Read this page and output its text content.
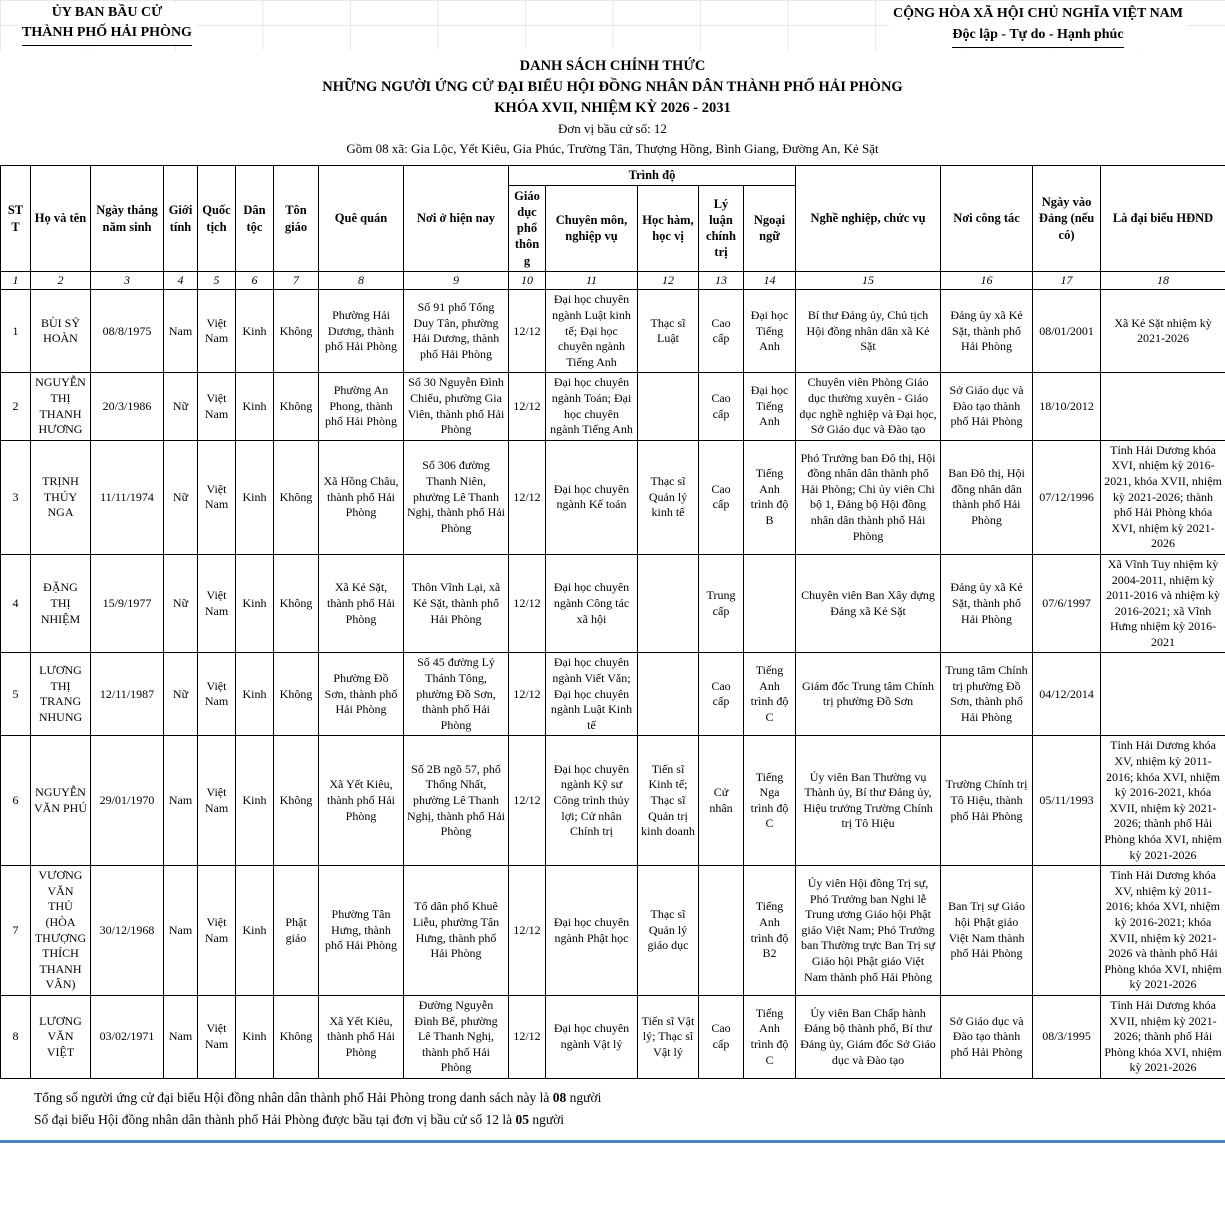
ỦY BAN BẦU CỬ
THÀNH PHỐ HẢI PHÒNG
CỘNG HÒA XÃ HỘI CHỦ NGHĨA VIỆT NAM
Độc lập - Tự do - Hạnh phúc
DANH SÁCH CHÍNH THỨC
NHỮNG NGƯỜI ỨNG CỬ ĐẠI BIỂU HỘI ĐỒNG NHÂN DÂN THÀNH PHỐ HẢI PHÒNG
KHÓA XVII, NHIỆM KỲ 2026 - 2031
Đơn vị bầu cử số: 12
Gồm 08 xã: Gia Lộc, Yết Kiêu, Gia Phúc, Trường Tân, Thượng Hồng, Bình Giang, Đường An, Kẻ Sặt
STT	Họ và tên	Ngày tháng năm sinh	Giới tính	Quốc tịch	Dân tộc	Tôn giáo	Quê quán	Nơi ở hiện nay	Trình độ					Nghề nghiệp, chức vụ	Nơi công tác	Ngày vào Đảng (nếu có)	Là đại biểu HĐND
									Giáo dục phổ thông	Chuyên môn, nghiệp vụ	Học hàm, học vị	Lý luận chính trị	Ngoại ngữ				
1	2	3	4	5	6	7	8	9	10	11	12	13	14	15	16	17	18
1	BÙI SỸ HOÀN	08/8/1975	Nam	Việt Nam	Kinh	Không	Phường Hải Dương, thành phố Hải Phòng	Số 91 phố Tống Duy Tân, phường Hải Dương, thành phố Hải Phòng	12/12	Đại học chuyên ngành Luật kinh tế; Đại học chuyên ngành Tiếng Anh	Thạc sĩ Luật	Cao cấp	Đại học Tiếng Anh	Bí thư Đảng ủy, Chủ tịch Hội đồng nhân dân xã Kẻ Sặt	Đảng ủy xã Kẻ Sặt, thành phố Hải Phòng	08/01/2001	Xã Kẻ Sặt nhiệm kỳ 2021-2026
2	NGUYỄN THỊ THANH HƯƠNG	20/3/1986	Nữ	Việt Nam	Kinh	Không	Phường An Phong, thành phố Hải Phòng	Số 30 Nguyễn Đình Chiểu, phường Gia Viên, thành phố Hải Phòng	12/12	Đại học chuyên ngành Toán; Đại học chuyên ngành Tiếng Anh		Cao cấp	Đại học Tiếng Anh	Chuyên viên Phòng Giáo dục thường xuyên - Giáo dục nghề nghiệp và Đại học, Sở Giáo dục và Đào tạo	Sở Giáo dục và Đào tạo thành phố Hải Phòng	18/10/2012	
3	TRỊNH THÚY NGA	11/11/1974	Nữ	Việt Nam	Kinh	Không	Xã Hồng Châu, thành phố Hải Phòng	Số 306 đường Thanh Niên, phường Lê Thanh Nghị, thành phố Hải Phòng	12/12	Đại học chuyên ngành Kế toán	Thạc sĩ Quản lý kinh tế	Cao cấp	Tiếng Anh trình độ B	Phó Trưởng ban Đô thị, Hội đồng nhân dân thành phố Hải Phòng; Chi ủy viên Chi bộ 1, Đảng bộ Hội đồng nhân dân thành phố Hải Phòng	Ban Đô thị, Hội đồng nhân dân thành phố Hải Phòng	07/12/1996	Tỉnh Hải Dương khóa XVI, nhiệm kỳ 2016-2021, khóa XVII, nhiệm kỳ 2021-2026; thành phố Hải Phòng khóa XVI, nhiệm kỳ 2021-2026
4	ĐẶNG THỊ NHIỆM	15/9/1977	Nữ	Việt Nam	Kinh	Không	Xã Kẻ Sặt, thành phố Hải Phòng	Thôn Vĩnh Lại, xã Kẻ Sặt, thành phố Hải Phòng	12/12	Đại học chuyên ngành Công tác xã hội		Trung cấp		Chuyên viên Ban Xây dựng Đảng xã Kẻ Sặt	Đảng ủy xã Kẻ Sặt, thành phố Hải Phòng	07/6/1997	Xã Vĩnh Tuy nhiệm kỳ 2004-2011, nhiệm kỳ 2011-2016 và nhiệm kỳ 2016-2021; xã Vĩnh Hưng nhiệm kỳ 2016-2021
5	LƯƠNG THỊ TRANG NHUNG	12/11/1987	Nữ	Việt Nam	Kinh	Không	Phường Đồ Sơn, thành phố Hải Phòng	Số 45 đường Lý Thánh Tông, phường Đồ Sơn, thành phố Hải Phòng	12/12	Đại học chuyên ngành Viết Văn; Đại học chuyên ngành Luật Kinh tế		Cao cấp	Tiếng Anh trình độ C	Giám đốc Trung tâm Chính trị phường Đồ Sơn	Trung tâm Chính trị phường Đồ Sơn, thành phố Hải Phòng	04/12/2014	
6	NGUYỄN VĂN PHÚ	29/01/1970	Nam	Việt Nam	Kinh	Không	Xã Yết Kiêu, thành phố Hải Phòng	Số 2B ngõ 57, phố Thống Nhất, phường Lê Thanh Nghị, thành phố Hải Phòng	12/12	Đại học chuyên ngành Kỹ sư Công trình thủy lợi; Cử nhân Chính trị	Tiến sĩ Kinh tế; Thạc sĩ Quản trị kinh doanh	Cử nhân	Tiếng Nga trình độ C	Ủy viên Ban Thường vụ Thành ủy, Bí thư Đảng ủy, Hiệu trưởng Trường Chính trị Tô Hiệu	Trường Chính trị Tô Hiệu, thành phố Hải Phòng	05/11/1993	Tỉnh Hải Dương khóa XV, nhiệm kỳ 2011-2016; khóa XVI, nhiệm kỳ 2016-2021, khóa XVII, nhiệm kỳ 2021-2026; thành phố Hải Phòng khóa XVI, nhiệm kỳ 2021-2026
7	VƯƠNG VĂN THỦ (HÒA THƯỢNG THÍCH THANH VÂN)	30/12/1968	Nam	Việt Nam	Kinh	Phật giáo	Phường Tân Hưng, thành phố Hải Phòng	Tổ dân phố Khuê Liễu, phường Tân Hưng, thành phố Hải Phòng	12/12	Đại học chuyên ngành Phật học	Thạc sĩ Quản lý giáo dục		Tiếng Anh trình độ B2	Ủy viên Hội đồng Trị sự, Phó Trưởng ban Nghi lễ Trung ương Giáo hội Phật giáo Việt Nam; Phó Trưởng ban Thường trực Ban Trị sự Giáo hội Phật giáo Việt Nam thành phố Hải Phòng	Ban Trị sự Giáo hội Phật giáo Việt Nam thành phố Hải Phòng		Tỉnh Hải Dương khóa XV, nhiệm kỳ 2011-2016; khóa XVI, nhiệm kỳ 2016-2021; khóa XVII, nhiệm kỳ 2021-2026 và thành phố Hải Phòng khóa XVI, nhiệm kỳ 2021-2026
8	LƯƠNG VĂN VIỆT	03/02/1971	Nam	Việt Nam	Kinh	Không	Xã Yết Kiêu, thành phố Hải Phòng	Đường Nguyễn Đình Bể, phường Lê Thanh Nghị, thành phố Hải Phòng	12/12	Đại học chuyên ngành Vật lý	Tiến sĩ Vật lý; Thạc sĩ Vật lý	Cao cấp	Tiếng Anh trình độ C	Ủy viên Ban Chấp hành Đảng bộ thành phố, Bí thư Đảng ủy, Giám đốc Sở Giáo dục và Đào tạo	Sở Giáo dục và Đào tạo thành phố Hải Phòng	08/3/1995	Tỉnh Hải Dương khóa XVII, nhiệm kỳ 2021-2026; thành phố Hải Phòng khóa XVI, nhiệm kỳ 2021-2026
Tổng số người ứng cử đại biểu Hội đồng nhân dân thành phố Hải Phòng trong danh sách này là 08 người
Số đại biểu Hội đồng nhân dân thành phố Hải Phòng được bầu tại đơn vị bầu cử số 12 là 05 người
